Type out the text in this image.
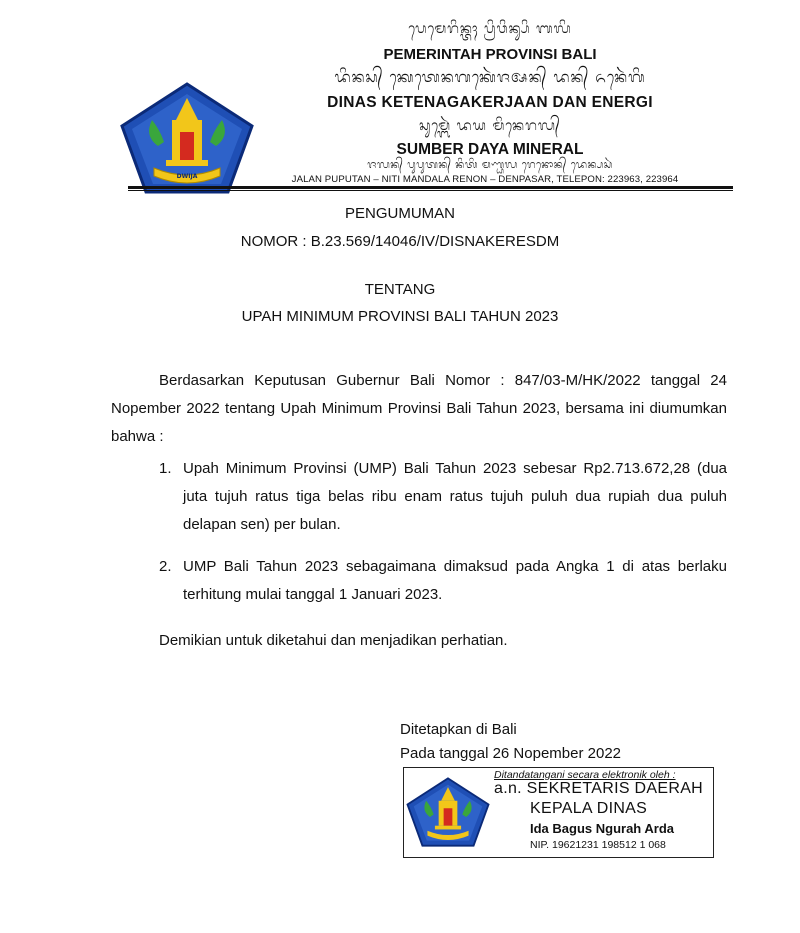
DWIJA
ᬧᬾᬫᬾᬭᬶᬦ᭄ᬢᬄ ᬧ᭄ᬭᬶᬯᬶᬦ᭄ᬲᬶ ᬩᬮᬶ
PEMERINTAH PROVINSI BALI
ᬤᬶᬦᬲ᭄ ᬓᬾᬢᬾᬦᬕᬓᬾᬃᬚᬅᬦ᭄ ᬤᬦ᭄ ᬏᬦᬾᬃᬕᬶ
DINAS KETENAGAKERJAAN DAN ENERGI
ᬲᬸᬫ᭄ᬩᬾᬃ ᬤᬬ ᬫᬶᬦᬾᬭᬮ᭄
SUMBER DAYA MINERAL
ᬚᬮᬦ᭄ ᬧᬸᬧᬸᬢᬦ᭄ ᬦᬶᬢᬶ ᬫᬡ᭄ᬟᬮ ᬭᬾᬦᭀᬦ᭄ ᬤᬾᬦ᭄ᬧᬲᬃ
JALAN PUPUTAN – NITI MANDALA RENON – DENPASAR, TELEPON: 223963, 223964
PENGUMUMAN
NOMOR : B.23.569/14046/IV/DISNAKERESDM
TENTANG
UPAH MINIMUM PROVINSI BALI TAHUN 2023
Berdasarkan Keputusan Gubernur Bali Nomor : 847/03-M/HK/2022 tanggal 24 Nopember 2022 tentang Upah Minimum Provinsi Bali Tahun 2023, bersama ini diumumkan bahwa :
1. Upah Minimum Provinsi (UMP) Bali Tahun 2023 sebesar Rp2.713.672,28 (dua juta tujuh ratus tiga belas ribu enam ratus tujuh puluh dua rupiah dua puluh delapan sen) per bulan.
2. UMP Bali Tahun 2023 sebagaimana dimaksud pada Angka 1 di atas berlaku terhitung mulai tanggal 1 Januari 2023.
Demikian untuk diketahui dan menjadikan perhatian.
Ditetapkan di Bali
Pada tanggal 26 Nopember 2022
Ditandatangani secara elektronik oleh :
a.n. SEKRETARIS DAERAH
KEPALA DINAS
Ida Bagus Ngurah Arda
NIP. 19621231 198512 1 068
